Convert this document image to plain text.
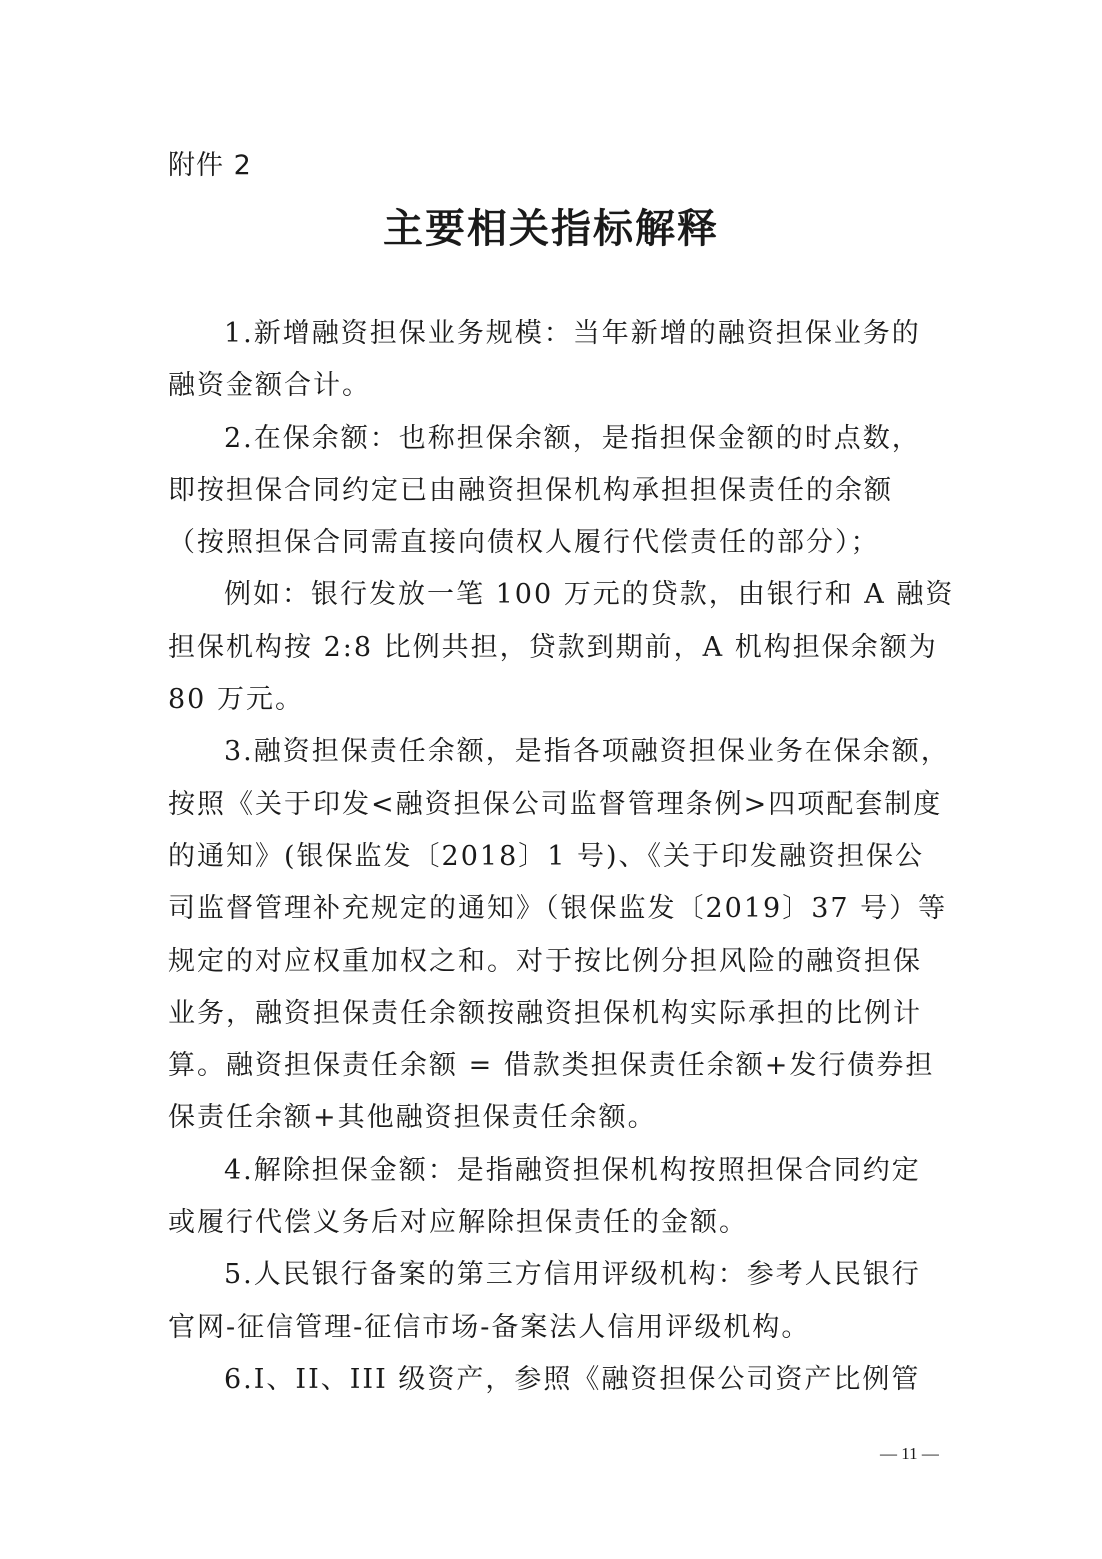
附件 2
主要相关指标解释
1.新增融资担保业务规模：当年新增的融资担保业务的
融资金额合计。
2.在保余额：也称担保余额，是指担保金额的时点数，
即按担保合同约定已由融资担保机构承担担保责任的余额
（按照担保合同需直接向债权人履行代偿责任的部分）；
例如：银行发放一笔 100 万元的贷款，由银行和 A 融资
担保机构按 2:8 比例共担，贷款到期前，A 机构担保余额为
80 万元。
3.融资担保责任余额，是指各项融资担保业务在保余额，
按照《关于印发<融资担保公司监督管理条例>四项配套制度
的通知》(银保监发〔2018〕1 号)、《关于印发融资担保公
司监督管理补充规定的通知》（银保监发〔2019〕37 号）等
规定的对应权重加权之和。对于按比例分担风险的融资担保
业务，融资担保责任余额按融资担保机构实际承担的比例计
算。融资担保责任余额 = 借款类担保责任余额+发行债券担
保责任余额+其他融资担保责任余额。
4.解除担保金额：是指融资担保机构按照担保合同约定
或履行代偿义务后对应解除担保责任的金额。
5.人民银行备案的第三方信用评级机构：参考人民银行
官网-征信管理-征信市场-备案法人信用评级机构。
6.I、II、III 级资产，参照《融资担保公司资产比例管
— 11 —
